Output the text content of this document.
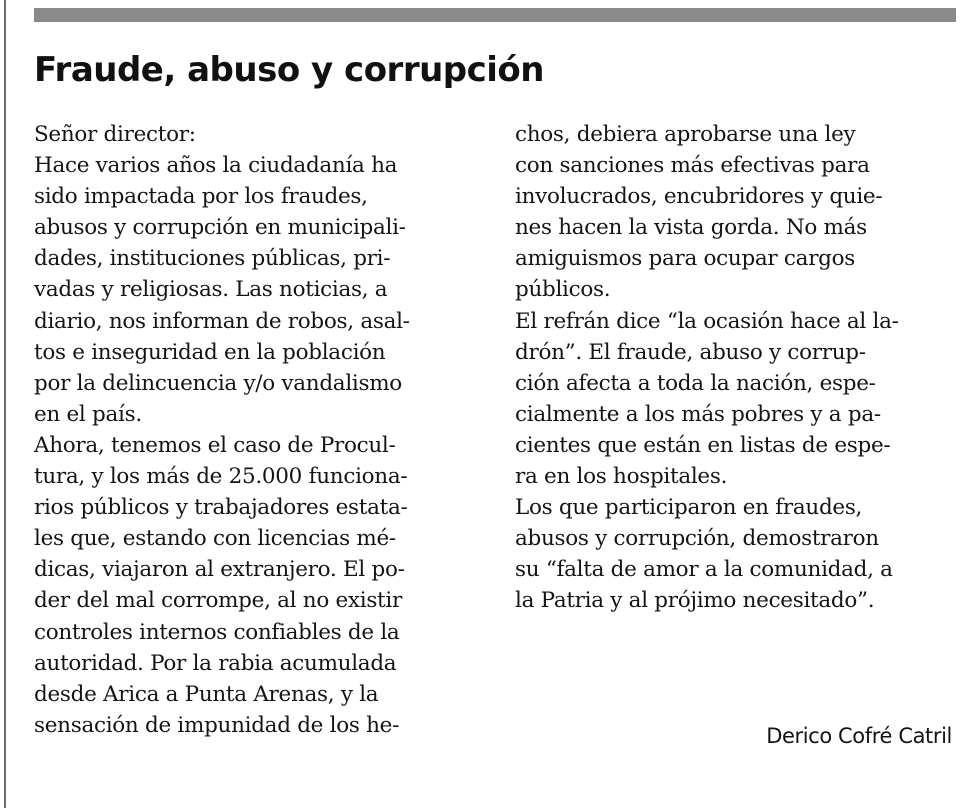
Fraude, abuso y corrupción
Señor director:
Hace varios años la ciudadanía ha
sido impactada por los fraudes,
abusos y corrupción en municipali-
dades, instituciones públicas, pri-
vadas y religiosas. Las noticias, a
diario, nos informan de robos, asal-
tos e inseguridad en la población
por la delincuencia y/o vandalismo
en el país.
Ahora, tenemos el caso de Procul-
tura, y los más de 25.000 funciona-
rios públicos y trabajadores estata-
les que, estando con licencias mé-
dicas, viajaron al extranjero. El po-
der del mal corrompe, al no existir
controles internos confiables de la
autoridad. Por la rabia acumulada
desde Arica a Punta Arenas, y la
sensación de impunidad de los he-
chos, debiera aprobarse una ley
con sanciones más efectivas para
involucrados, encubridores y quie-
nes hacen la vista gorda. No más
amiguismos para ocupar cargos
públicos.
El refrán dice “la ocasión hace al la-
drón”. El fraude, abuso y corrup-
ción afecta a toda la nación, espe-
cialmente a los más pobres y a pa-
cientes que están en listas de espe-
ra en los hospitales.
Los que participaron en fraudes,
abusos y corrupción, demostraron
su “falta de amor a la comunidad, a
la Patria y al prójimo necesitado”.
Derico Cofré Catril
